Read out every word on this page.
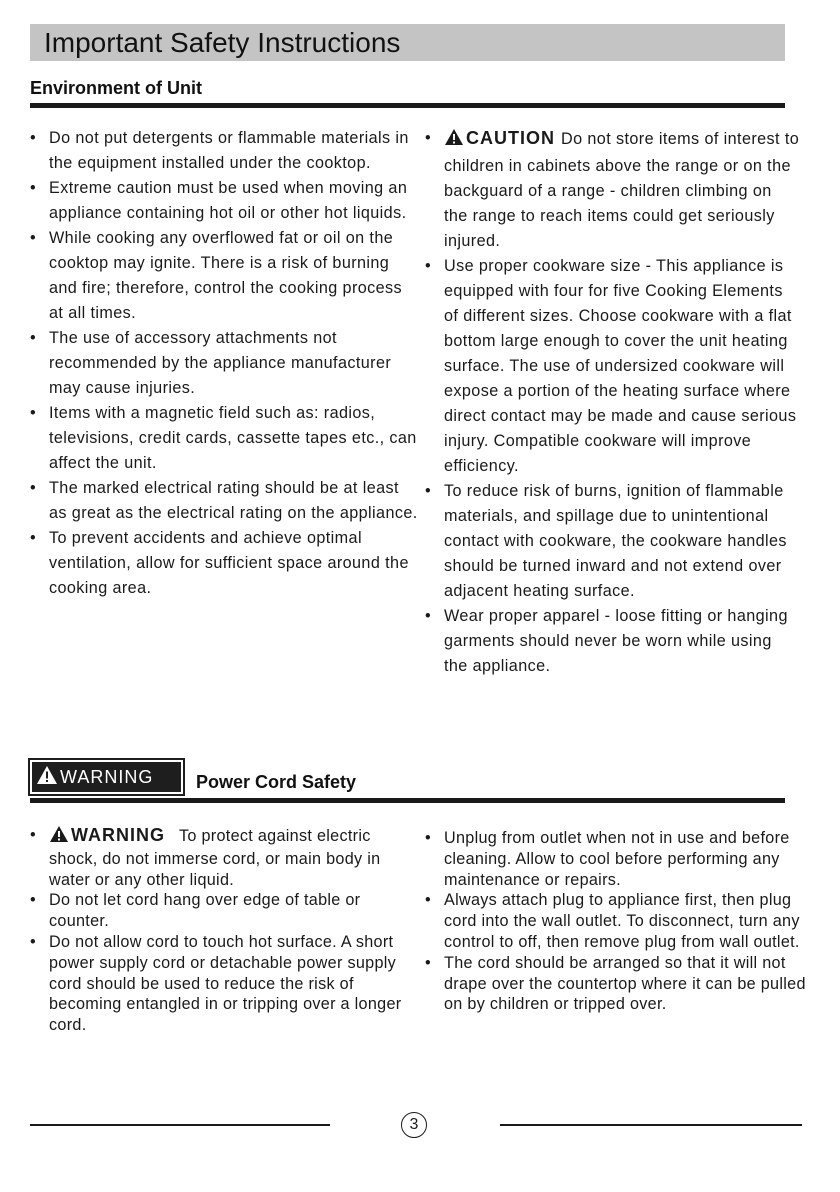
Important Safety Instructions
Environment of Unit
• Do not put detergents or flammable materials in the equipment installed under the cooktop.
• Extreme caution must be used when moving an appliance containing hot oil or other hot liquids.
• While cooking any overflowed fat or oil on the cooktop may ignite. There is a risk of burning and fire; therefore, control the cooking process at all times.
• The use of accessory attachments not recommended by the appliance manufacturer may cause injuries.
• Items with a magnetic field such as: radios, televisions, credit cards, cassette tapes etc., can affect the unit.
• The marked electrical rating should be at least as great as the electrical rating on the appliance.
• To prevent accidents and achieve optimal ventilation, allow for sufficient space around the cooking area.
• CAUTION Do not store items of interest to children in cabinets above the range or on the backguard of a range - children climbing on the range to reach items could get seriously injured.
• Use proper cookware size - This appliance is equipped with four for five Cooking Elements of different sizes. Choose cookware with a flat bottom large enough to cover the unit heating surface. The use of undersized cookware will expose a portion of the heating surface where direct contact may be made and cause serious injury. Compatible cookware will improve efficiency.
• To reduce risk of burns, ignition of flammable materials, and spillage due to unintentional contact with cookware, the cookware handles should be turned inward and not extend over adjacent heating surface.
• Wear proper apparel - loose fitting or hanging garments should never be worn while using the appliance.
WARNING Power Cord Safety
• WARNING To protect against electric shock, do not immerse cord, or main body in water or any other liquid.
• Do not let cord hang over edge of table or counter.
• Do not allow cord to touch hot surface. A short power supply cord or detachable power supply cord should be used to reduce the risk of becoming entangled in or tripping over a longer cord.
• Unplug from outlet when not in use and before cleaning. Allow to cool before performing any maintenance or repairs.
• Always attach plug to appliance first, then plug cord into the wall outlet. To disconnect, turn any control to off, then remove plug from wall outlet.
• The cord should be arranged so that it will not drape over the countertop where it can be pulled on by children or tripped over.
3
